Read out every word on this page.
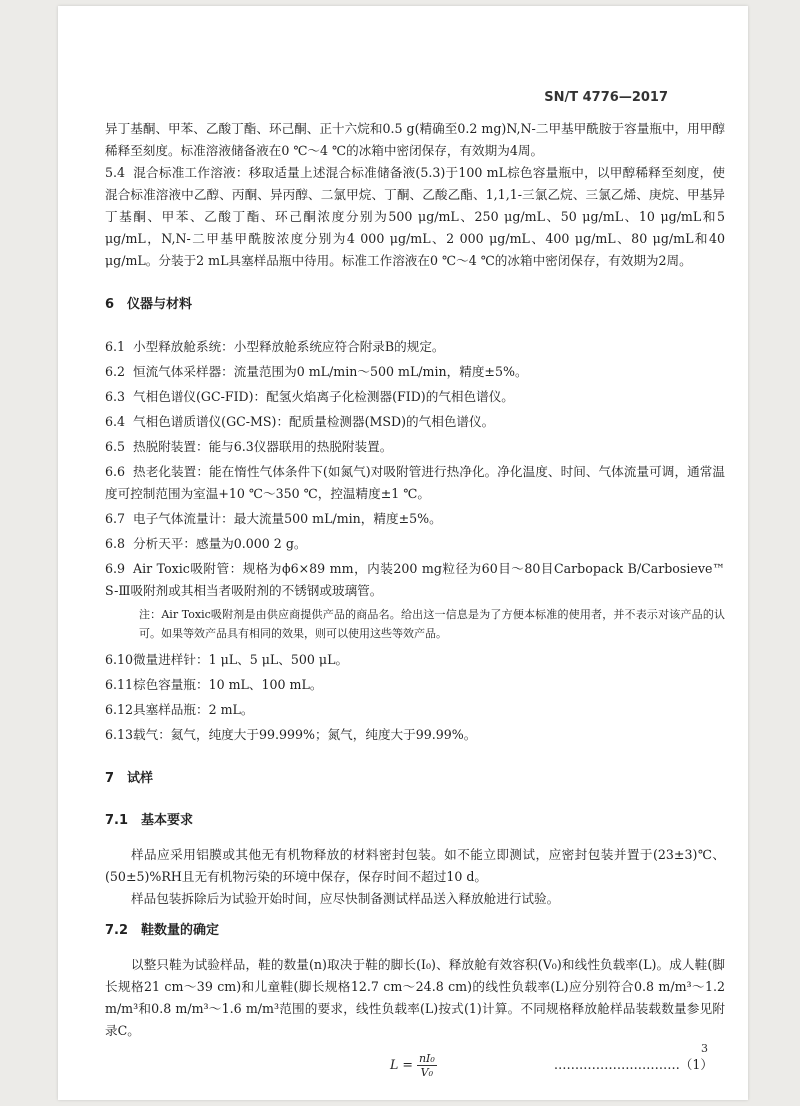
SN/T 4776—2017

异丁基酮、甲苯、乙酸丁酯、环己酮、正十六烷和0.5 g(精确至0.2 mg)N,N-二甲基甲酰胺于容量瓶中，用甲醇稀释至刻度。标准溶液储备液在0 ℃～4 ℃的冰箱中密闭保存，有效期为4周。

5.4 混合标准工作溶液：移取适量上述混合标准储备液(5.3)于100 mL棕色容量瓶中，以甲醇稀释至刻度，使混合标准溶液中乙醇、丙酮、异丙醇、二氯甲烷、丁酮、乙酸乙酯、1,1,1-三氯乙烷、三氯乙烯、庚烷、甲基异丁基酮、甲苯、乙酸丁酯、环己酮浓度分别为500 μg/mL、250 μg/mL、50 μg/mL、10 μg/mL和5 μg/mL，N,N-二甲基甲酰胺浓度分别为4 000 μg/mL、2 000 μg/mL、400 μg/mL、80 μg/mL和40 μg/mL。分装于2 mL具塞样品瓶中待用。标准工作溶液在0 ℃～4 ℃的冰箱中密闭保存，有效期为2周。

6　仪器与材料

6.1 小型释放舱系统：小型释放舱系统应符合附录B的规定。

6.2 恒流气体采样器：流量范围为0 mL/min～500 mL/min，精度±5%。

6.3 气相色谱仪(GC-FID)：配氢火焰离子化检测器(FID)的气相色谱仪。

6.4 气相色谱质谱仪(GC-MS)：配质量检测器(MSD)的气相色谱仪。

6.5 热脱附装置：能与6.3仪器联用的热脱附装置。

6.6 热老化装置：能在惰性气体条件下(如氮气)对吸附管进行热净化。净化温度、时间、气体流量可调，通常温度可控制范围为室温+10 ℃～350 ℃，控温精度±1 ℃。

6.7 电子气体流量计：最大流量500 mL/min，精度±5%。

6.8 分析天平：感量为0.000 2 g。

6.9 Air Toxic吸附管：规格为ϕ6×89 mm，内装200 mg粒径为60目～80目Carbopack B/Carbosieve™ S-Ⅲ吸附剂或其相当者吸附剂的不锈钢或玻璃管。

注：Air Toxic吸附剂是由供应商提供产品的商品名。给出这一信息是为了方便本标准的使用者，并不表示对该产品的认可。如果等效产品具有相同的效果，则可以使用这些等效产品。

6.10微量进样针：1 μL、5 μL、500 μL。

6.11棕色容量瓶：10 mL、100 mL。

6.12具塞样品瓶：2 mL。

6.13载气：氦气，纯度大于99.999%；氮气，纯度大于99.99%。

7　试样

7.1　基本要求

样品应采用铝膜或其他无有机物释放的材料密封包装。如不能立即测试，应密封包装并置于(23±3)℃、(50±5)%RH且无有机物污染的环境中保存，保存时间不超过10 d。

样品包装拆除后为试验开始时间，应尽快制备测试样品送入释放舱进行试验。

7.2　鞋数量的确定

以整只鞋为试验样品，鞋的数量(n)取决于鞋的脚长(I₀)、释放舱有效容积(V₀)和线性负载率(L)。成人鞋(脚长规格21 cm～39 cm)和儿童鞋(脚长规格12.7 cm～24.8 cm)的线性负载率(L)应分别符合0.8 m/m³～1.2 m/m³和0.8 m/m³～1.6 m/m³范围的要求，线性负载率(L)按式(1)计算。不同规格释放舱样品装载数量参见附录C。

$L = \frac{\text{nI₀}}{\text{V₀}}$	…………………………（1）
3
